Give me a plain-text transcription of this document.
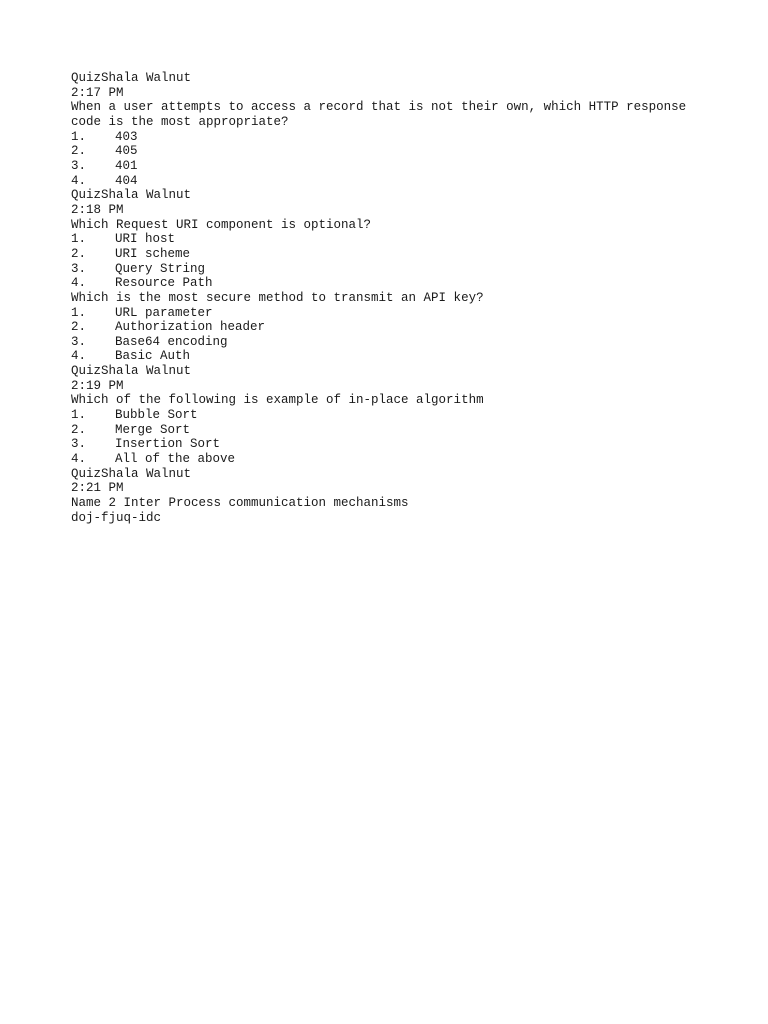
QuizShala Walnut
2:17 PM
When a user attempts to access a record that is not their own, which HTTP response code is the most appropriate?
1.	403
2.	405
3.	401
4.	404
QuizShala Walnut
2:18 PM
Which Request URI component is optional?
1.	URI host
2.	URI scheme
3.	Query String
4.	Resource Path
Which is the most secure method to transmit an API key?
1.	URL parameter
2.	Authorization header
3.	Base64 encoding
4.	Basic Auth
QuizShala Walnut
2:19 PM
Which of the following is example of in-place algorithm
1.	Bubble Sort
2.	Merge Sort
3.	Insertion Sort
4.	All of the above
QuizShala Walnut
2:21 PM
Name 2 Inter Process communication mechanisms
doj-fjuq-idc
